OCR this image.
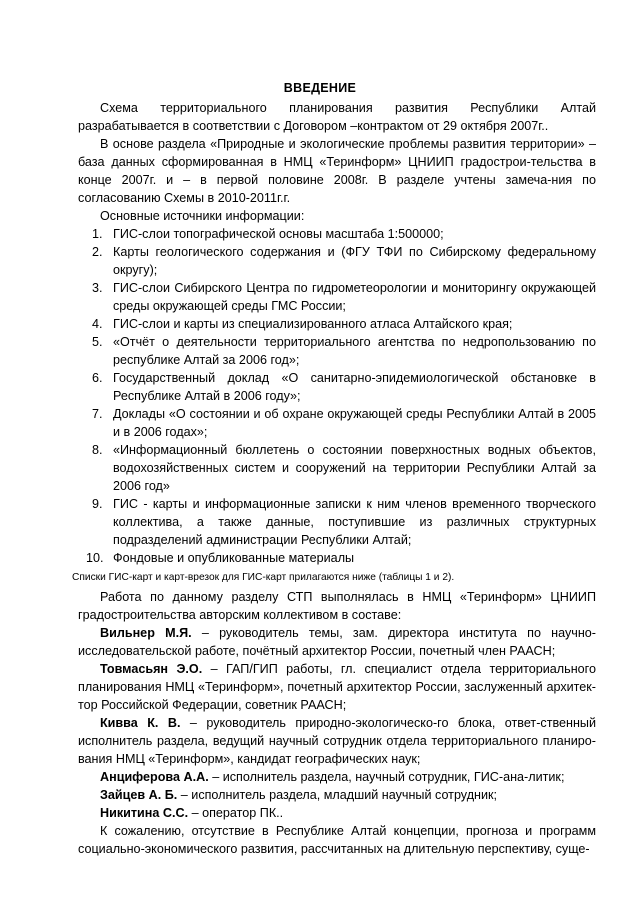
ВВЕДЕНИЕ

Схема территориального планирования развития Республики Алтай разрабатывается в соответствии с Договором –контрактом от 29 октября 2007г..

В основе раздела «Природные и экологические проблемы развития территории» – база данных сформированная в НМЦ «Теринформ» ЦНИИП градострои-тельства в конце 2007г. и – в первой половине 2008г. В разделе учтены замеча-ния по согласованию Схемы в 2010-2011г.г.

Основные источники информации:

1. ГИС-слои топографической основы масштаба 1:500000;
2. Карты геологического содержания и (ФГУ ТФИ по Сибирскому федеральному округу);
3. ГИС-слои Сибирского Центра по гидрометеорологии и мониторингу окружающей среды окружающей среды ГМС России;
4. ГИС-слои и карты из специализированного атласа Алтайского края;
5. «Отчёт о деятельности территориального агентства по недропользованию по республике Алтай за 2006 год»;
6. Государственный доклад «О санитарно-эпидемиологической обстановке в Республике Алтай в 2006 году»;
7. Доклады «О состоянии и об охране окружающей среды Республики Алтай в 2005 и в 2006 годах»;
8. «Информационный бюллетень о состоянии поверхностных водных объектов, водохозяйственных систем и сооружений на территории Республики Алтай за 2006 год»
9. ГИС - карты и информационные записки к ним членов временного творческого коллектива, а также данные, поступившие из различных структурных подразделений администрации Республики Алтай;
10. Фондовые и опубликованные материалы

Списки ГИС-карт и карт-врезок для ГИС-карт прилагаются ниже (таблицы 1 и 2).

Работа по данному разделу СТП выполнялась в НМЦ «Теринформ» ЦНИИП градостроительства авторским коллективом в составе:

Вильнер М.Я. – руководитель темы, зам. директора института по научно-исследовательской работе, почётный архитектор России, почетный член РААСН;

Товмасьян Э.О. – ГАП/ГИП работы, гл. специалист отдела территориального планирования НМЦ «Теринформ», почетный архитектор России, заслуженный архитек-тор Российской Федерации, советник РААСН;

Кивва К. В. – руководитель природно-экологическо-го блока, ответ-ственный исполнитель раздела, ведущий научный сотрудник отдела территориального планиро-вания НМЦ «Теринформ», кандидат географических наук;

Анциферова А.А. – исполнитель раздела, научный сотрудник, ГИС-ана-литик;

Зайцев А. Б. – исполнитель раздела, младший научный сотрудник;

Никитина С.С. – оператор ПК..

К сожалению, отсутствие в Республике Алтай концепции, прогноза и программ социально-экономического развития, рассчитанных на длительную перспективу, суще-
